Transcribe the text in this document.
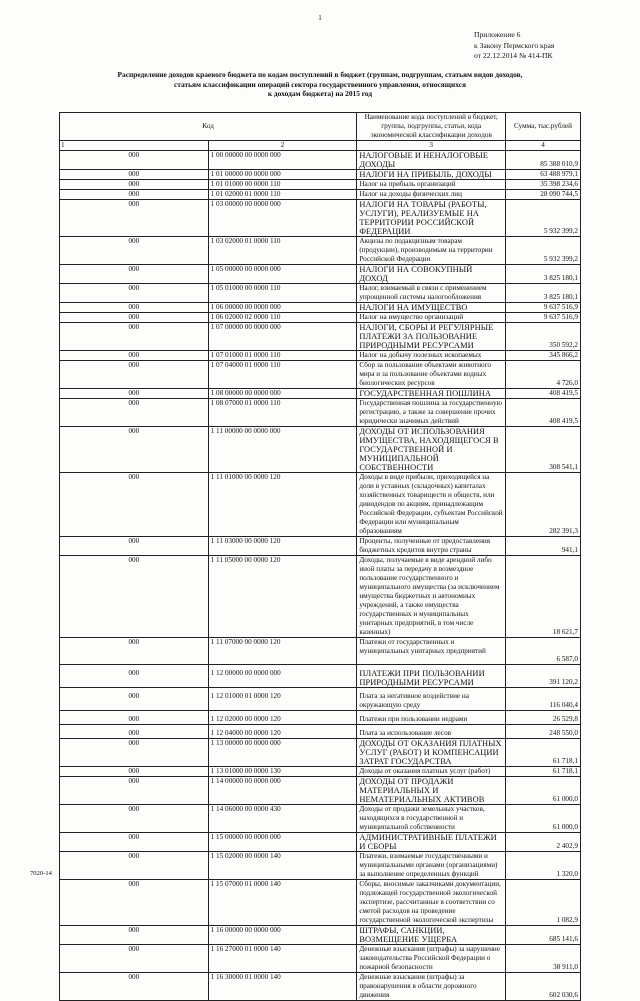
1
Приложение 6
к Закону Пермского края
от 22.12.2014 № 414-ПК
Распределение доходов краевого бюджета по кодам поступлений в бюджет (группам, подгруппам, статьям видов доходов,
статьям классификации операций сектора государственного управления, относящихся
к доходам бюджета) на 2015 год
Код		Наименование кода поступлений в бюджет, группы, подгруппы, статьи, кода экономической классификации доходов	Сумма, тыс.рублей
1	2	3	4
000	1 00 00000 00 0000 000	НАЛОГОВЫЕ И НЕНАЛОГОВЫЕ ДОХОДЫ	85 388 010,9
000	1 01 00000 00 0000 000	НАЛОГИ НА ПРИБЫЛЬ, ДОХОДЫ	63 488 979,1
000	1 01 01000 00 0000 110	Налог на прибыль организаций	35 398 234,6
000	1 01 02000 01 0000 110	Налог на доходы физических лиц	28 090 744,5
000	1 03 00000 00 0000 000	НАЛОГИ НА ТОВАРЫ (РАБОТЫ, УСЛУГИ), РЕАЛИЗУЕМЫЕ НА ТЕРРИТОРИИ РОССИЙСКОЙ ФЕДЕРАЦИИ	5 932 399,2
000	1 03 02000 01 0000 110	Акцизы по подакцизным товарам (продукции), производимым на территории Российской Федерации	5 932 399,2
000	1 05 00000 00 0000 000	НАЛОГИ НА СОВОКУПНЫЙ ДОХОД	3 825 180,1
000	1 05 01000 00 0000 110	Налог, взимаемый в связи с применением упрощенной системы налогообложения	3 825 180,1
000	1 06 00000 00 0000 000	НАЛОГИ НА ИМУЩЕСТВО	9 637 516,9
000	1 06 02000 02 0000 110	Налог на имущество организаций	9 637 516,9
000	1 07 00000 00 0000 000	НАЛОГИ, СБОРЫ И РЕГУЛЯРНЫЕ ПЛАТЕЖИ ЗА ПОЛЬЗОВАНИЕ ПРИРОДНЫМИ РЕСУРСАМИ	350 592,2
000	1 07 01000 01 0000 110	Налог на добычу полезных ископаемых	345 866,2
000	1 07 04000 01 0000 110	Сбор за пользование объектами животного мира и за пользование объектами водных биологических ресурсов	4 726,0
000	1 08 00000 00 0000 000	ГОСУДАРСТВЕННАЯ ПОШЛИНА	408 419,5
000	1 08 07000 01 0000 110	Государственная пошлина за государственную регистрацию, а также за совершение прочих юридически значимых действий	408 419,5
000	1 11 00000 00 0000 000	ДОХОДЫ ОТ ИСПОЛЬЗОВАНИЯ ИМУЩЕСТВА, НАХОДЯЩЕГОСЯ В ГОСУДАРСТВЕННОЙ И МУНИЦИПАЛЬНОЙ СОБСТВЕННОСТИ	308 541,1
000	1 11 01000 00 0000 120	Доходы в виде прибыли, приходящейся на доли в уставных (складочных) капиталах хозяйственных товариществ и обществ, или дивидендов по акциям, принадлежащим Российской Федерации, субъектам Российской Федерации или муниципальным образованиям	282 391,3
000	1 11 03000 00 0000 120	Проценты, полученные от предоставления бюджетных кредитов внутри страны	941,1
000	1 11 05000 00 0000 120	Доходы, получаемые в виде арендной либо иной платы за передачу в возмездное пользование государственного и муниципального имущества (за исключением имущества бюджетных и автономных учреждений, а также имущества государственных и муниципальных унитарных предприятий, в том числе казенных)	18 621,7
000	1 11 07000 00 0000 120	Платежи от государственных и муниципальных унитарных предприятий	6 587,0
000	1 12 00000 00 0000 000	ПЛАТЕЖИ ПРИ ПОЛЬЗОВАНИИ ПРИРОДНЫМИ РЕСУРСАМИ	391 120,2
000	1 12 01000 01 0000 120	Плата за негативное воздействие на окружающую среду	116 040,4
000	1 12 02000 00 0000 120	Платежи при пользовании недрами	26 529,8
000	1 12 04000 00 0000 120	Плата за использование лесов	248 550,0
000	1 13 00000 00 0000 000	ДОХОДЫ ОТ ОКАЗАНИЯ ПЛАТНЫХ УСЛУГ (РАБОТ) И КОМПЕНСАЦИИ ЗАТРАТ ГОСУДАРСТВА	61 718,1
000	1 13 01000 00 0000 130	Доходы от оказания платных услуг (работ)	61 718,1
000	1 14 00000 00 0000 000	ДОХОДЫ ОТ ПРОДАЖИ МАТЕРИАЛЬНЫХ И НЕМАТЕРИАЛЬНЫХ АКТИВОВ	61 000,0
000	1 14 06000 00 0000 430	Доходы от продажи земельных участков, находящихся в государственной и муниципальной собственности	61 000,0
000	1 15 00000 00 0000 000	АДМИНИСТРАТИВНЫЕ ПЛАТЕЖИ И СБОРЫ	2 402,9
000	1 15 02000 00 0000 140	Платежи, взимаемые государственными и муниципальными органами (организациями) за выполнение определенных функций	1 320,0
000	1 15 07000 01 0000 140	Сборы, вносимые заказчиками документации, подлежащей государственной экологической экспертизе, рассчитанные в соответствии со сметой расходов на проведение государственной экологической экспертизы	1 082,9
000	1 16 00000 00 0000 000	ШТРАФЫ, САНКЦИИ, ВОЗМЕЩЕНИЕ УЩЕРБА	685 141,6
000	1 16 27000 01 0000 140	Денежные взыскания (штрафы) за нарушение законодательства Российской Федерации о пожарной безопасности	38 911,0
000	1 16 30000 01 0000 140	Денежные взыскания (штрафы) за правонарушения в области дорожного движения	602 030,6
7020-14
